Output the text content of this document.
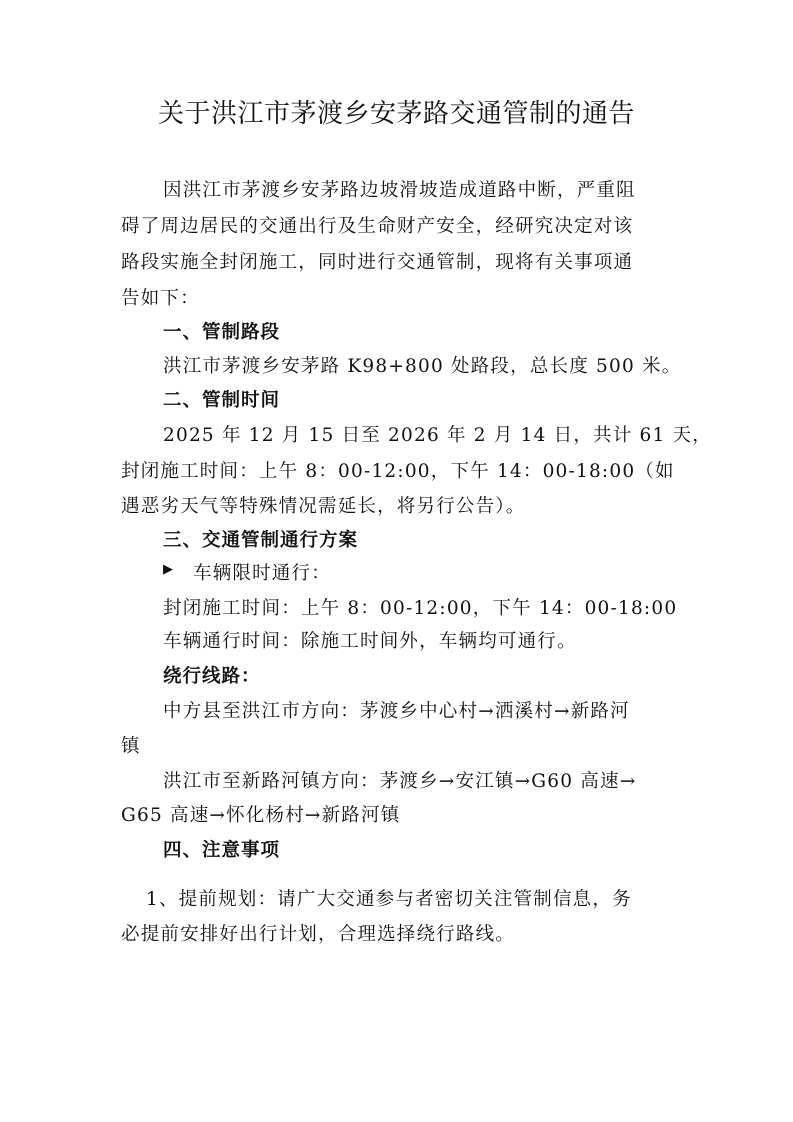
关于洪江市茅渡乡安茅路交通管制的通告
因洪江市茅渡乡安茅路边坡滑坡造成道路中断，严重阻
碍了周边居民的交通出行及生命财产安全，经研究决定对该
路段实施全封闭施工，同时进行交通管制，现将有关事项通
告如下：
一、管制路段
洪江市茅渡乡安茅路 K98+800 处路段，总长度 500 米。
二、管制时间
2025 年 12 月 15 日至 2026 年 2 月 14 日，共计 61 天，
封闭施工时间：上午 8：00-12:00，下午 14：00-18:00（如
遇恶劣天气等特殊情况需延长，将另行公告）。
三、交通管制通行方案
▶ 车辆限时通行：
封闭施工时间：上午 8：00-12:00，下午 14：00-18:00
车辆通行时间：除施工时间外，车辆均可通行。
绕行线路：
中方县至洪江市方向：茅渡乡中心村→洒溪村→新路河
镇
洪江市至新路河镇方向：茅渡乡→安江镇→G60 高速→
G65 高速→怀化杨村→新路河镇
四、注意事项
1、提前规划：请广大交通参与者密切关注管制信息，务
必提前安排好出行计划，合理选择绕行路线。
